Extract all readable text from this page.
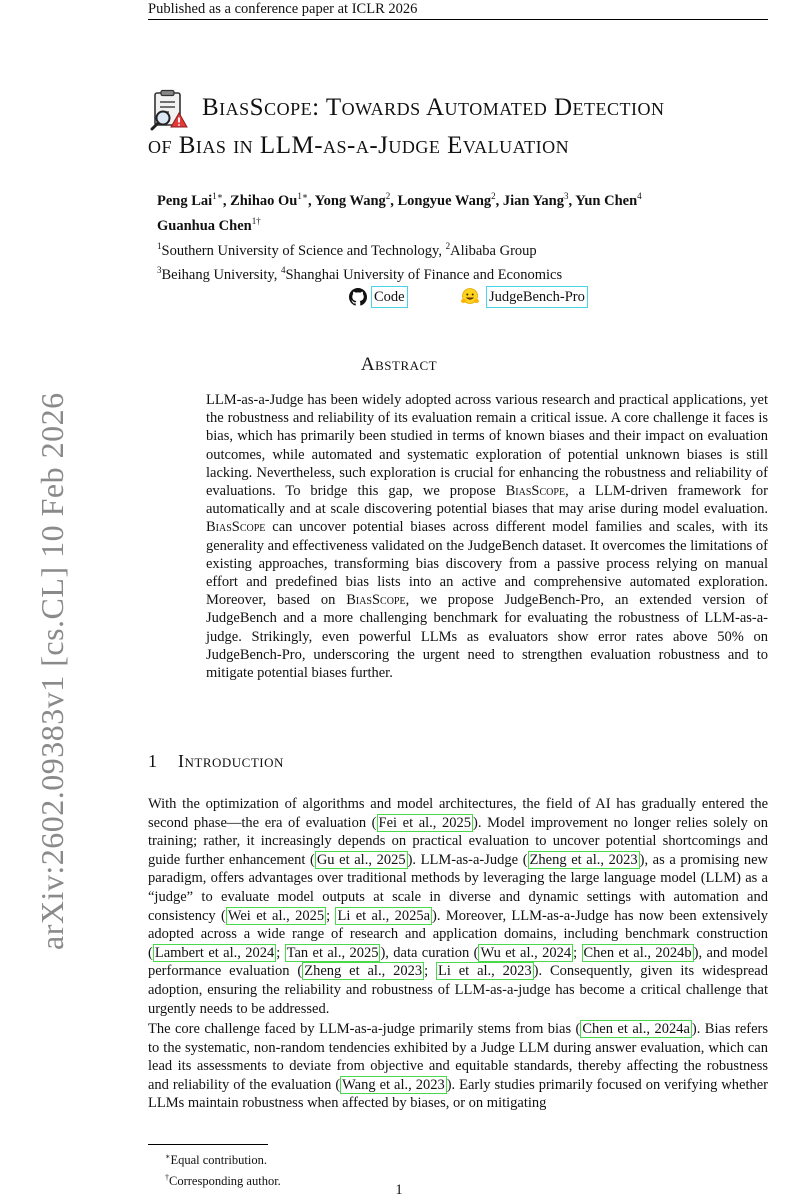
Published as a conference paper at ICLR 2026
arXiv:2602.09383v1 [cs.CL] 10 Feb 2026
BiasScope: Towards Automated Detection
of Bias in LLM-as-a-Judge Evaluation
Peng Lai$^{1∗}$, Zhihao $Ou^{1∗}$, Yong Wang$^2$, Longyue Wang$^2$, Jian Yang$^3$, Yun Chen$^4$
Guanhua Chen$^{1\dagger}$
$^1$Southern University of Science and Technology, $^2$Alibaba Group
$^3$Beihang University, $^4$Shanghai University of Finance and Economics
Code	JudgeBench-Pro
Abstract
LLM-as-a-Judge has been widely adopted across various research and practical applications, yet the robustness and reliability of its evaluation remain a critical issue. A core challenge it faces is bias, which has primarily been studied in terms of known biases and their impact on evaluation outcomes, while automated and systematic exploration of potential unknown biases is still lacking. Nevertheless, such exploration is crucial for enhancing the robustness and reliability of evaluations. To bridge this gap, we propose BiasScope, a LLM-driven framework for automatically and at scale discovering potential biases that may arise during model evaluation. BiasScope can uncover potential biases across different model families and scales, with its generality and effectiveness validated on the JudgeBench dataset. It overcomes the limitations of existing approaches, transforming bias discovery from a passive process relying on manual effort and predefined bias lists into an active and comprehensive automated exploration. Moreover, based on BiasScope, we propose JudgeBench-Pro, an extended version of JudgeBench and a more challenging benchmark for evaluating the robustness of LLM-as-a-judge. Strikingly, even powerful LLMs as evaluators show error rates above 50% on JudgeBench-Pro, underscoring the urgent need to strengthen evaluation robustness and to mitigate potential biases further.
1 Introduction
With the optimization of algorithms and model architectures, the field of AI has gradually entered the second phase—the era of evaluation ( Fei et al., 2025 ). Model improvement no longer relies solely on training; rather, it increasingly depends on practical evaluation to uncover potential shortcomings and guide further enhancement ( Gu et al., 2025 ). LLM-as-a-Judge ( Zheng et al., 2023 ), as a promising new paradigm, offers advantages over traditional methods by leveraging the large language model (LLM) as a “judge” to evaluate model outputs at scale in diverse and dynamic settings with automation and consistency ( Wei et al., 2025 ; Li et al., 2025a ). Moreover, LLM-as-a-Judge has now been extensively adopted across a wide range of research and application domains, including benchmark construction ( Lambert et al., 2024 ; Tan et al., 2025 ), data curation ( Wu et al., 2024 ; Chen et al., 2024b ), and model performance evaluation ( Zheng et al., 2023 ; Li et al., 2023 ). Consequently, given its widespread adoption, ensuring the reliability and robustness of LLM-as-a-judge has become a critical challenge that urgently needs to be addressed.
The core challenge faced by LLM-as-a-judge primarily stems from bias ( Chen et al., 2024a ). Bias refers to the systematic, non-random tendencies exhibited by a Judge LLM during answer evaluation, which can lead its assessments to deviate from objective and equitable standards, thereby affecting the robustness and reliability of the evaluation ( Wang et al., 2023 ). Early studies primarily focused on verifying whether LLMs maintain robustness when affected by biases, or on mitigating
∗Equal contribution.
†Corresponding author.
1
